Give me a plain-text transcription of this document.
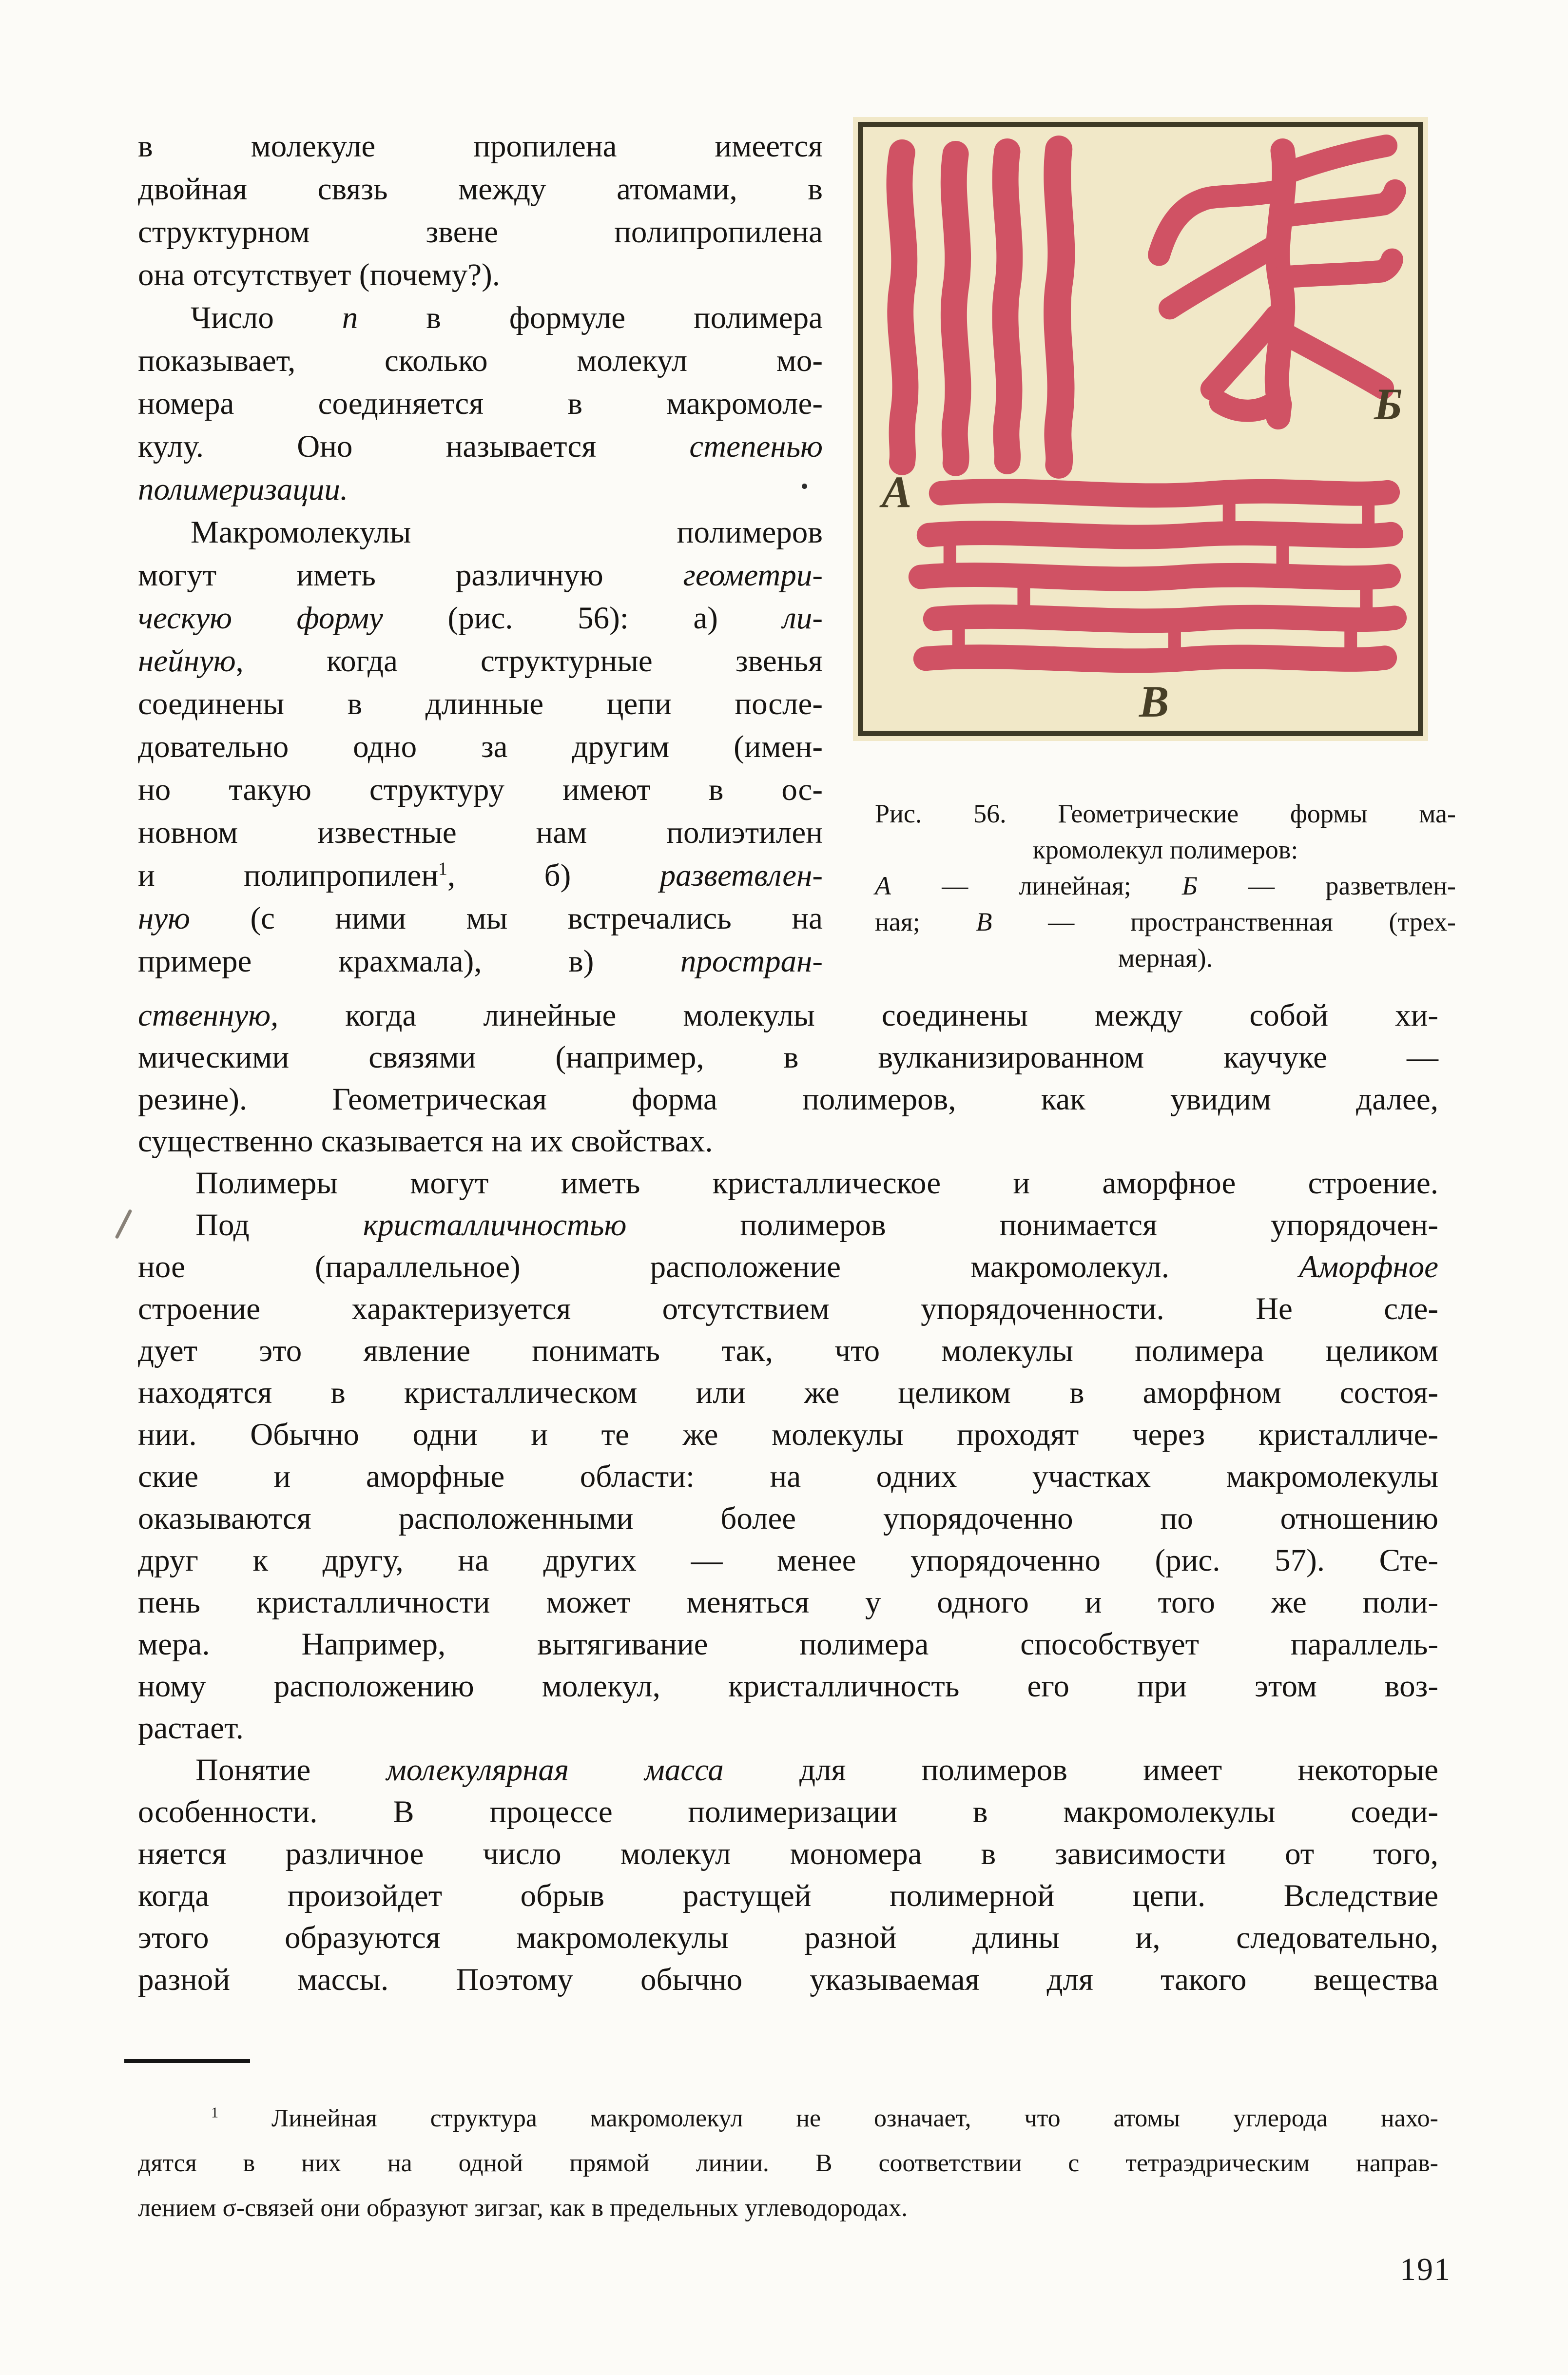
в молекуле пропилена имеется
двойная связь между атомами, в
структурном звене полипропилена
она отсутствует (почему?).
Число n в формуле полимера
показывает, сколько молекул мо-
номера соединяется в макромоле-
кулу. Оно называется степенью
полимеризации.
Макромолекулы полимеров
могут иметь различную геометри-
ческую форму (рис. 56): а) ли-
нейную, когда структурные звенья
соединены в длинные цепи после-
довательно одно за другим (имен-
но такую структуру имеют в ос-
новном известные нам полиэтилен
и полипропилен$^1$, б) разветвлен-
ную (с ними мы встречались на
примере крахмала), в) простран-
А
Б
В
Рис. 56. Геометрические формы ма-
кромолекул полимеров:
А — линейная; Б — разветвлен-
ная; В — пространственная (трех-
мерная).
ственную, когда линейные молекулы соединены между собой хи-
мическими связями (например, в вулканизированном каучуке —
резине). Геометрическая форма полимеров, как увидим далее,
существенно сказывается на их свойствах.
Полимеры могут иметь кристаллическое и аморфное строение.
Под кристалличностью полимеров понимается упорядочен-
ное (параллельное) расположение макромолекул. Аморфное
строение характеризуется отсутствием упорядоченности. Не сле-
дует это явление понимать так, что молекулы полимера целиком
находятся в кристаллическом или же целиком в аморфном состоя-
нии. Обычно одни и те же молекулы проходят через кристалличе-
ские и аморфные области: на одних участках макромолекулы
оказываются расположенными более упорядоченно по отношению
друг к другу, на других — менее упорядоченно (рис. 57). Сте-
пень кристалличности может меняться у одного и того же поли-
мера. Например, вытягивание полимера способствует параллель-
ному расположению молекул, кристалличность его при этом воз-
растает.
Понятие молекулярная масса для полимеров имеет некоторые
особенности. В процессе полимеризации в макромолекулы соеди-
няется различное число молекул мономера в зависимости от того,
когда произойдет обрыв растущей полимерной цепи. Вследствие
этого образуются макромолекулы разной длины и, следовательно,
разной массы. Поэтому обычно указываемая для такого вещества
$^1$ Линейная структура макромолекул не означает, что атомы углерода нахо-
дятся в них на одной прямой линии. В соответствии с тетраэдрическим направ-
лением σ-связей они образуют зигзаг, как в предельных углеводородах.
191
